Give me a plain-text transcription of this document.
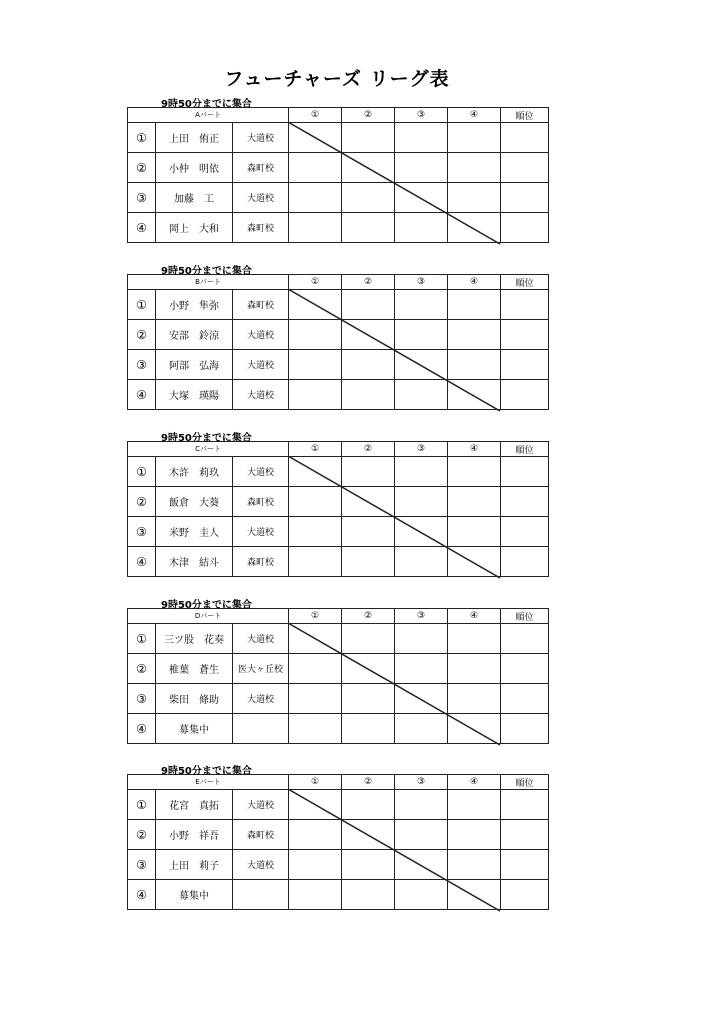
フューチャーズ リーグ表
9時50分までに集合
Aパート			①	②	③	④	順位
①	上田　侑正	大道校					
②	小仲　明依	森町校					
③	加藤　工	大道校					
④	岡上　大和	森町校					
9時50分までに集合
Bパート			①	②	③	④	順位
①	小野　隼弥	森町校					
②	安部　鈴涼	大道校					
③	阿部　弘海	大道校					
④	大塚　瑛陽	大道校					
9時50分までに集合
Cパート			①	②	③	④	順位
①	木許　莉玖	大道校					
②	飯倉　大葵	森町校					
③	米野　圭人	大道校					
④	木津　結斗	森町校					
9時50分までに集合
Dパート			①	②	③	④	順位
①	三ツ股　花奏	大道校					
②	椎葉　蒼生	医大ヶ丘校					
③	柴田　條助	大道校					
④	募集中						
9時50分までに集合
Eパート			①	②	③	④	順位
①	花宮　真拓	大道校					
②	小野　祥吾	森町校					
③	上田　莉子	大道校					
④	募集中						
